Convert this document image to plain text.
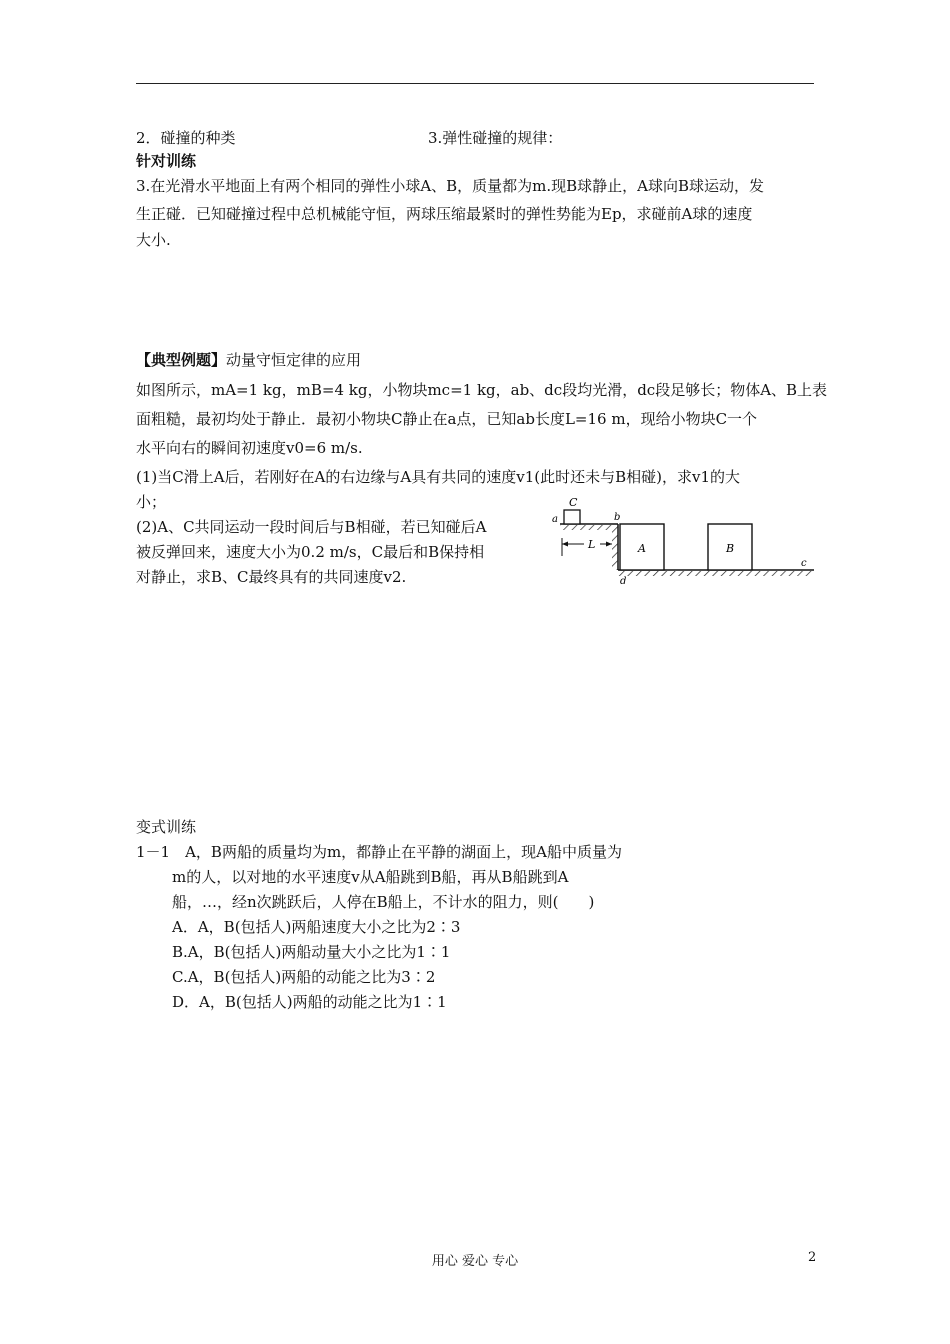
2．碰撞的种类	3.弹性碰撞的规律：
针对训练
3.在光滑水平地面上有两个相同的弹性小球A、B，质量都为m.现B球静止，A球向B球运动，发
生正碰．已知碰撞过程中总机械能守恒，两球压缩最紧时的弹性势能为Ep，求碰前A球的速度
大小.
【典型例题】动量守恒定律的应用
如图所示，mA=1 kg，mB=4 kg，小物块mc=1 kg，ab、dc段均光滑，dc段足够长；物体A、B上表
面粗糙，最初均处于静止．最初小物块C静止在a点，已知ab长度L=16 m，现给小物块C一个
水平向右的瞬间初速度v0=6 m/s.
(1)当C滑上A后，若刚好在A的右边缘与A具有共同的速度v1(此时还未与B相碰)，求v1的大
小；
(2)A、C共同运动一段时间后与B相碰，若已知碰后A
被反弹回来，速度大小为0.2 m/s，C最后和B保持相
对静止，求B、C最终具有的共同速度v2.
C
a	b
L	A	B
c
d
变式训练
1－1　A，B两船的质量均为m，都静止在平静的湖面上，现A船中质量为
m的人，以对地的水平速度v从A船跳到B船，再从B船跳到A
船，…，经n次跳跃后，人停在B船上，不计水的阻力，则(　　)
A．A，B(包括人)两船速度大小之比为2∶3
B.A，B(包括人)两船动量大小之比为1∶1
C.A，B(包括人)两船的动能之比为3∶2
D．A，B(包括人)两船的动能之比为1∶1
用心 爱心 专心	2
